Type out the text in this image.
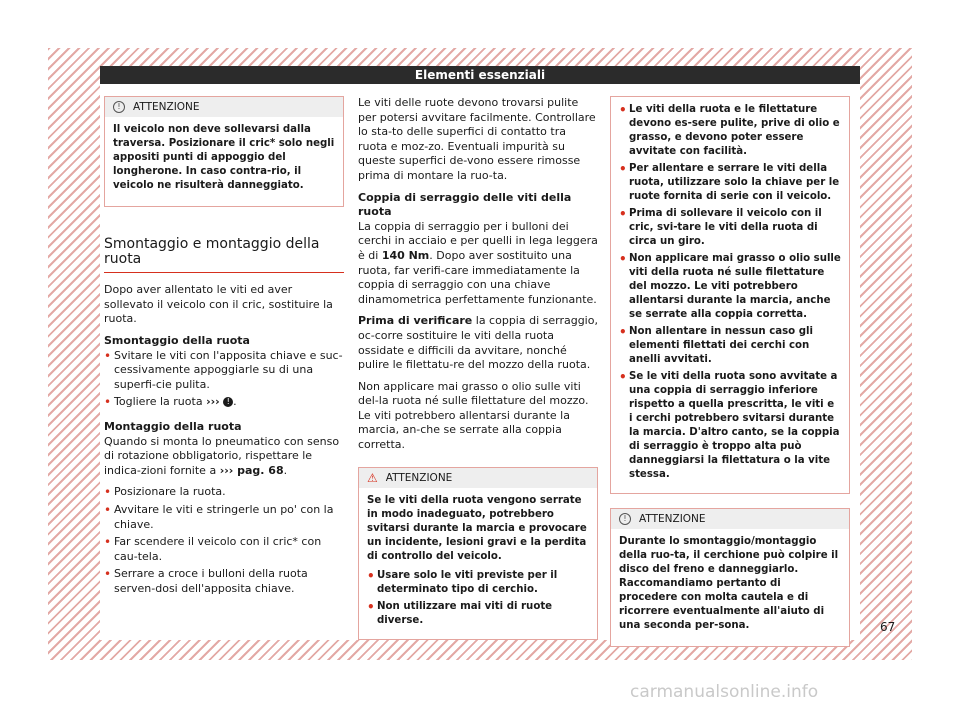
Elementi essenziali
!	ATTENZIONE

Il veicolo non deve sollevarsi dalla traversa. Posizionare il cric* solo negli appositi punti di appoggio del longherone. In caso contra-rio, il veicolo ne risulterà danneggiato.

Smontaggio e montaggio della ruota

Dopo aver allentato le viti ed aver sollevato il veicolo con il cric, sostituire la ruota.

Smontaggio della ruota

• Svitare le viti con l'apposita chiave e suc-cessivamente appoggiarle su di una superfi-cie pulita.
• Togliere la ruota ››› ! .

Montaggio della ruota

Quando si monta lo pneumatico con senso di rotazione obbligatorio, rispettare le indica-zioni fornite a ››› pag. 68.

• Posizionare la ruota.
• Avvitare le viti e stringerle un po' con la chiave.
• Far scendere il veicolo con il cric* con cau-tela.
• Serrare a croce i bulloni della ruota serven-dosi dell'apposita chiave.

Le viti delle ruote devono trovarsi pulite per potersi avvitare facilmente. Controllare lo sta-to delle superfici di contatto tra ruota e moz-zo. Eventuali impurità su queste superfici de-vono essere rimosse prima di montare la ruo-ta.

Coppia di serraggio delle viti della ruota

La coppia di serraggio per i bulloni dei cerchi in acciaio e per quelli in lega leggera è di 140 Nm. Dopo aver sostituito una ruota, far verifi-care immediatamente la coppia di serraggio con una chiave dinamometrica perfettamente funzionante.

Prima di verificare la coppia di serraggio, oc-corre sostituire le viti della ruota ossidate e difficili da avvitare, nonché pulire le filettatu-re del mozzo della ruota.

Non applicare mai grasso o olio sulle viti del-la ruota né sulle filettature del mozzo. Le viti potrebbero allentarsi durante la marcia, an-che se serrate alla coppia corretta.

⚠ ATTENZIONE

Se le viti della ruota vengono serrate in modo inadeguato, potrebbero svitarsi durante la marcia e provocare un incidente, lesioni gravi e la perdita di controllo del veicolo.

• Usare solo le viti previste per il determinato tipo di cerchio.
• Non utilizzare mai viti di ruote diverse.
• Le viti della ruota e le filettature devono es-sere pulite, prive di olio e grasso, e devono poter essere avvitate con facilità.
• Per allentare e serrare le viti della ruota, utilizzare solo la chiave per le ruote fornita di serie con il veicolo.
• Prima di sollevare il veicolo con il cric, svi-tare le viti della ruota di circa un giro.
• Non applicare mai grasso o olio sulle viti della ruota né sulle filettature del mozzo. Le viti potrebbero allentarsi durante la marcia, anche se serrate alla coppia corretta.
• Non allentare in nessun caso gli elementi filettati dei cerchi con anelli avvitati.
• Se le viti della ruota sono avvitate a una coppia di serraggio inferiore rispetto a quella prescritta, le viti e i cerchi potrebbero svitarsi durante la marcia. D'altro canto, se la coppia di serraggio è troppo alta può danneggiarsi la filettatura o la vite stessa.
!	ATTENZIONE

Durante lo smontaggio/montaggio della ruo-ta, il cerchione può colpire il disco del freno e danneggiarlo. Raccomandiamo pertanto di procedere con molta cautela e di ricorrere eventualmente all'aiuto di una seconda per-sona.	67
carmanualsonline.info
